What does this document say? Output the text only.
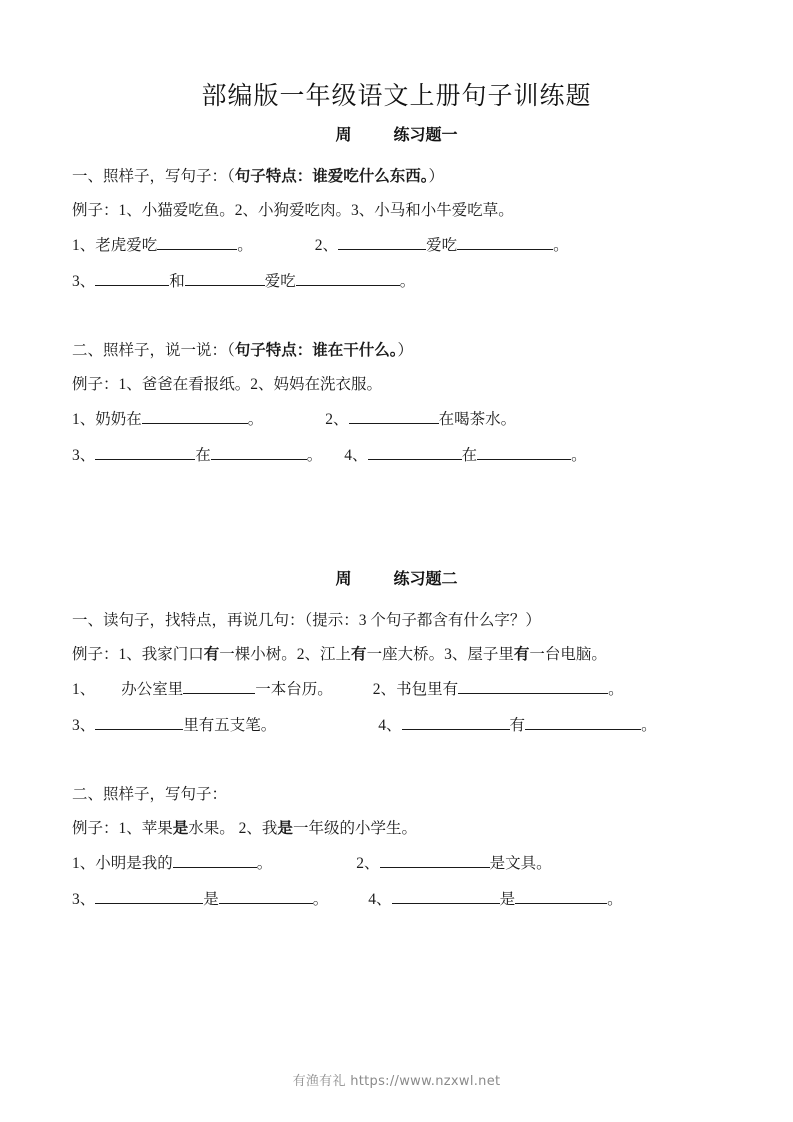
部编版一年级语文上册句子训练题
周	练习题一

一、照样子，写句子：（句子特点：谁爱吃什么东西。）

例子：1、小猫爱吃鱼。2、小狗爱吃肉。3、小马和小牛爱吃草。

1、老虎爱吃	。	2、	爱吃	。

3、	和	爱吃	。

二、照样子，说一说：（句子特点：谁在干什么。）

例子：1、爸爸在看报纸。2、妈妈在洗衣服。

1、奶奶在	。	2、	在喝茶水。

3、	在	。 4、	在	。

周	练习题二

一、读句子，找特点，再说几句：（提示：3 个句子都含有什么字？）

例子：1、我家门口有一棵小树。2、江上有一座大桥。3、屋子里有一台电脑。

1、 办公室里	一本台历。	2、书包里有	。

3、	里有五支笔。	4、	有	。

二、照样子，写句子：

例子：1、苹果是水果。 2、我是一年级的小学生。

1、小明是我的	。	2、	是文具。

3、	是	。	4、	是	。

有渔有礼 https://www.nzxwl.net
